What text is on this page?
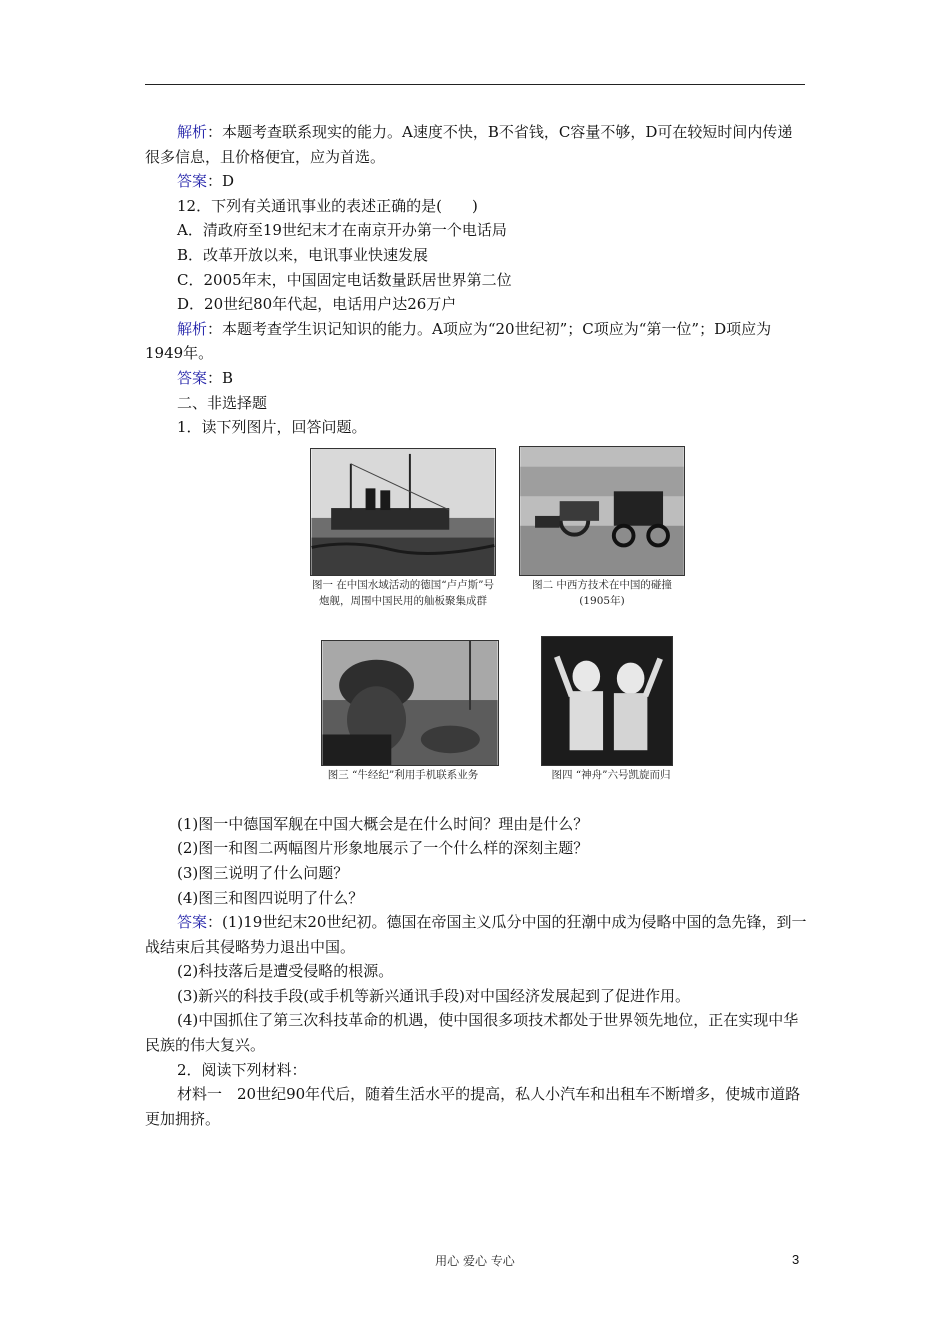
解析：本题考查联系现实的能力。A速度不快，B不省钱，C容量不够，D可在较短时间内传递很多信息，且价格便宜，应为首选。

答案：D

12．下列有关通讯事业的表述正确的是(　　)

A．清政府至19世纪末才在南京开办第一个电话局

B．改革开放以来，电讯事业快速发展

C．2005年末，中国固定电话数量跃居世界第二位

D．20世纪80年代起，电话用户达26万户

解析：本题考查学生识记知识的能力。A项应为“20世纪初”；C项应为“第一位”；D项应为1949年。

答案：B

二、非选择题

1．读下列图片，回答问题。

图一 在中国水域活动的德国“卢卢斯”号
炮舰，周围中国民用的舢板聚集成群
图二 中西方技术在中国的碰撞
(1905年)
图三 “牛经纪”利用手机联系业务	图四 “神舟”六号凯旋而归

(1)图一中德国军舰在中国大概会是在什么时间？理由是什么？

(2)图一和图二两幅图片形象地展示了一个什么样的深刻主题？

(3)图三说明了什么问题？

(4)图三和图四说明了什么？

答案：(1)19世纪末20世纪初。德国在帝国主义瓜分中国的狂潮中成为侵略中国的急先锋，到一战结束后其侵略势力退出中国。

(2)科技落后是遭受侵略的根源。

(3)新兴的科技手段(或手机等新兴通讯手段)对中国经济发展起到了促进作用。

(4)中国抓住了第三次科技革命的机遇，使中国很多项技术都处于世界领先地位，正在实现中华民族的伟大复兴。

2．阅读下列材料：

材料一　20世纪90年代后，随着生活水平的提高，私人小汽车和出租车不断增多，使城市道路更加拥挤。

用心 爱心 专心	3
